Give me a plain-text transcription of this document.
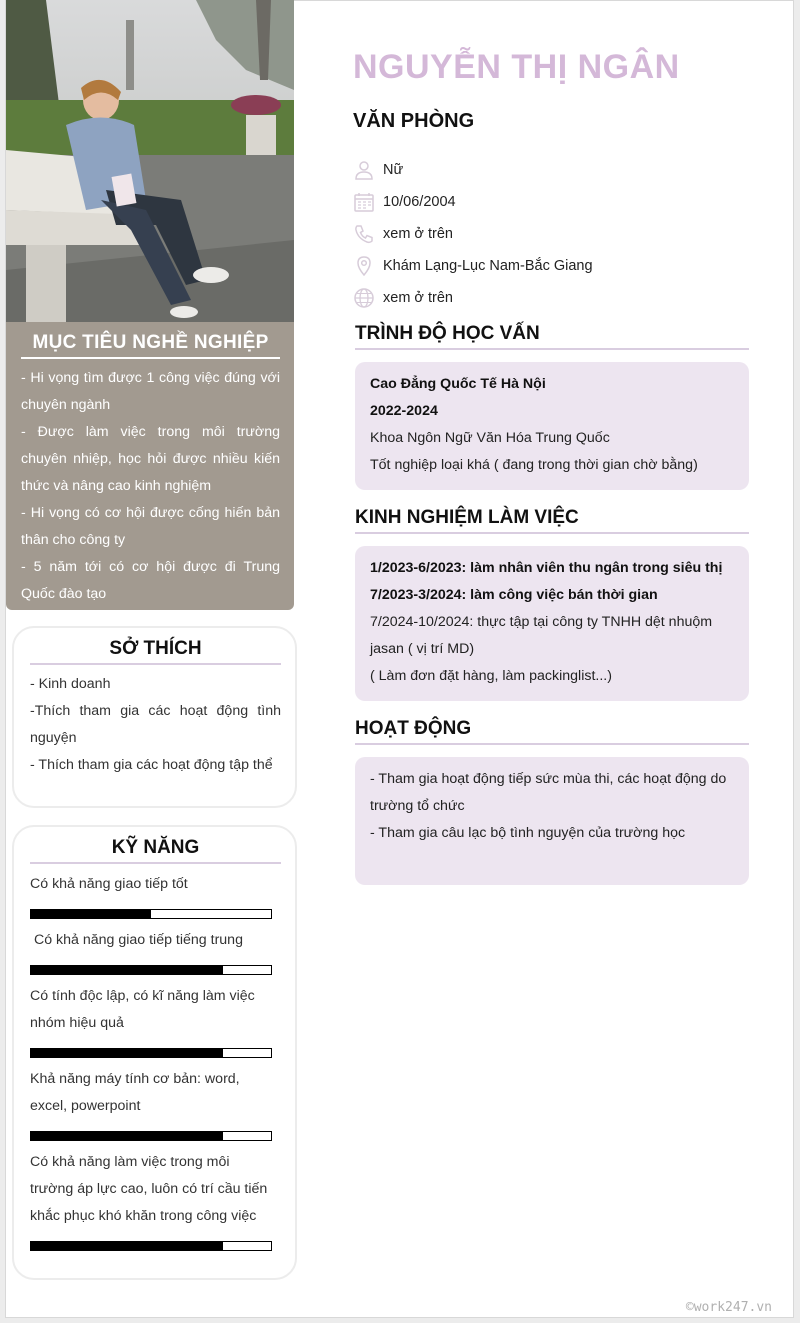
MỤC TIÊU NGHỀ NGHIỆP
- Hi vọng tìm được 1 công việc đúng với chuyên ngành
- Được làm việc trong môi trường chuyên nhiệp, học hỏi được nhiều kiến thức và nâng cao kinh nghiệm
- Hi vọng có cơ hội được cống hiến bản thân cho công ty
- 5 năm tới có cơ hội được đi Trung Quốc đào tạo
SỞ THÍCH
- Kinh doanh
-Thích tham gia các hoạt động tình nguyện
- Thích tham gia các hoạt động tập thể
KỸ NĂNG
Có khả năng giao tiếp tốt
Có khả năng giao tiếp tiếng trung
Có tính độc lập, có kĩ năng làm việc nhóm hiệu quả
Khả năng máy tính cơ bản: word, excel, powerpoint
Có khả năng làm việc trong môi trường áp lực cao, luôn có trí cầu tiến khắc phục khó khăn trong công việc
NGUYỄN THỊ NGÂN
VĂN PHÒNG
Nữ
10/06/2004
xem ở trên
Khám Lạng-Lục Nam-Bắc Giang
xem ở trên
TRÌNH ĐỘ HỌC VẤN
Cao Đẳng Quốc Tế Hà Nội
2022-2024
Khoa Ngôn Ngữ Văn Hóa Trung Quốc
Tốt nghiệp loại khá ( đang trong thời gian chờ bằng)
KINH NGHIỆM LÀM VIỆC
1/2023-6/2023: làm nhân viên thu ngân trong siêu thị
7/2023-3/2024: làm công việc bán thời gian
7/2024-10/2024: thực tập tại công ty TNHH dệt nhuộm jasan ( vị trí MD)
( Làm đơn đặt hàng, làm packinglist...)
HOẠT ĐỘNG
- Tham gia hoạt động tiếp sức mùa thi, các hoạt động do trường tổ chức
- Tham gia câu lạc bộ tình nguyện của trường học
©work247.vn
